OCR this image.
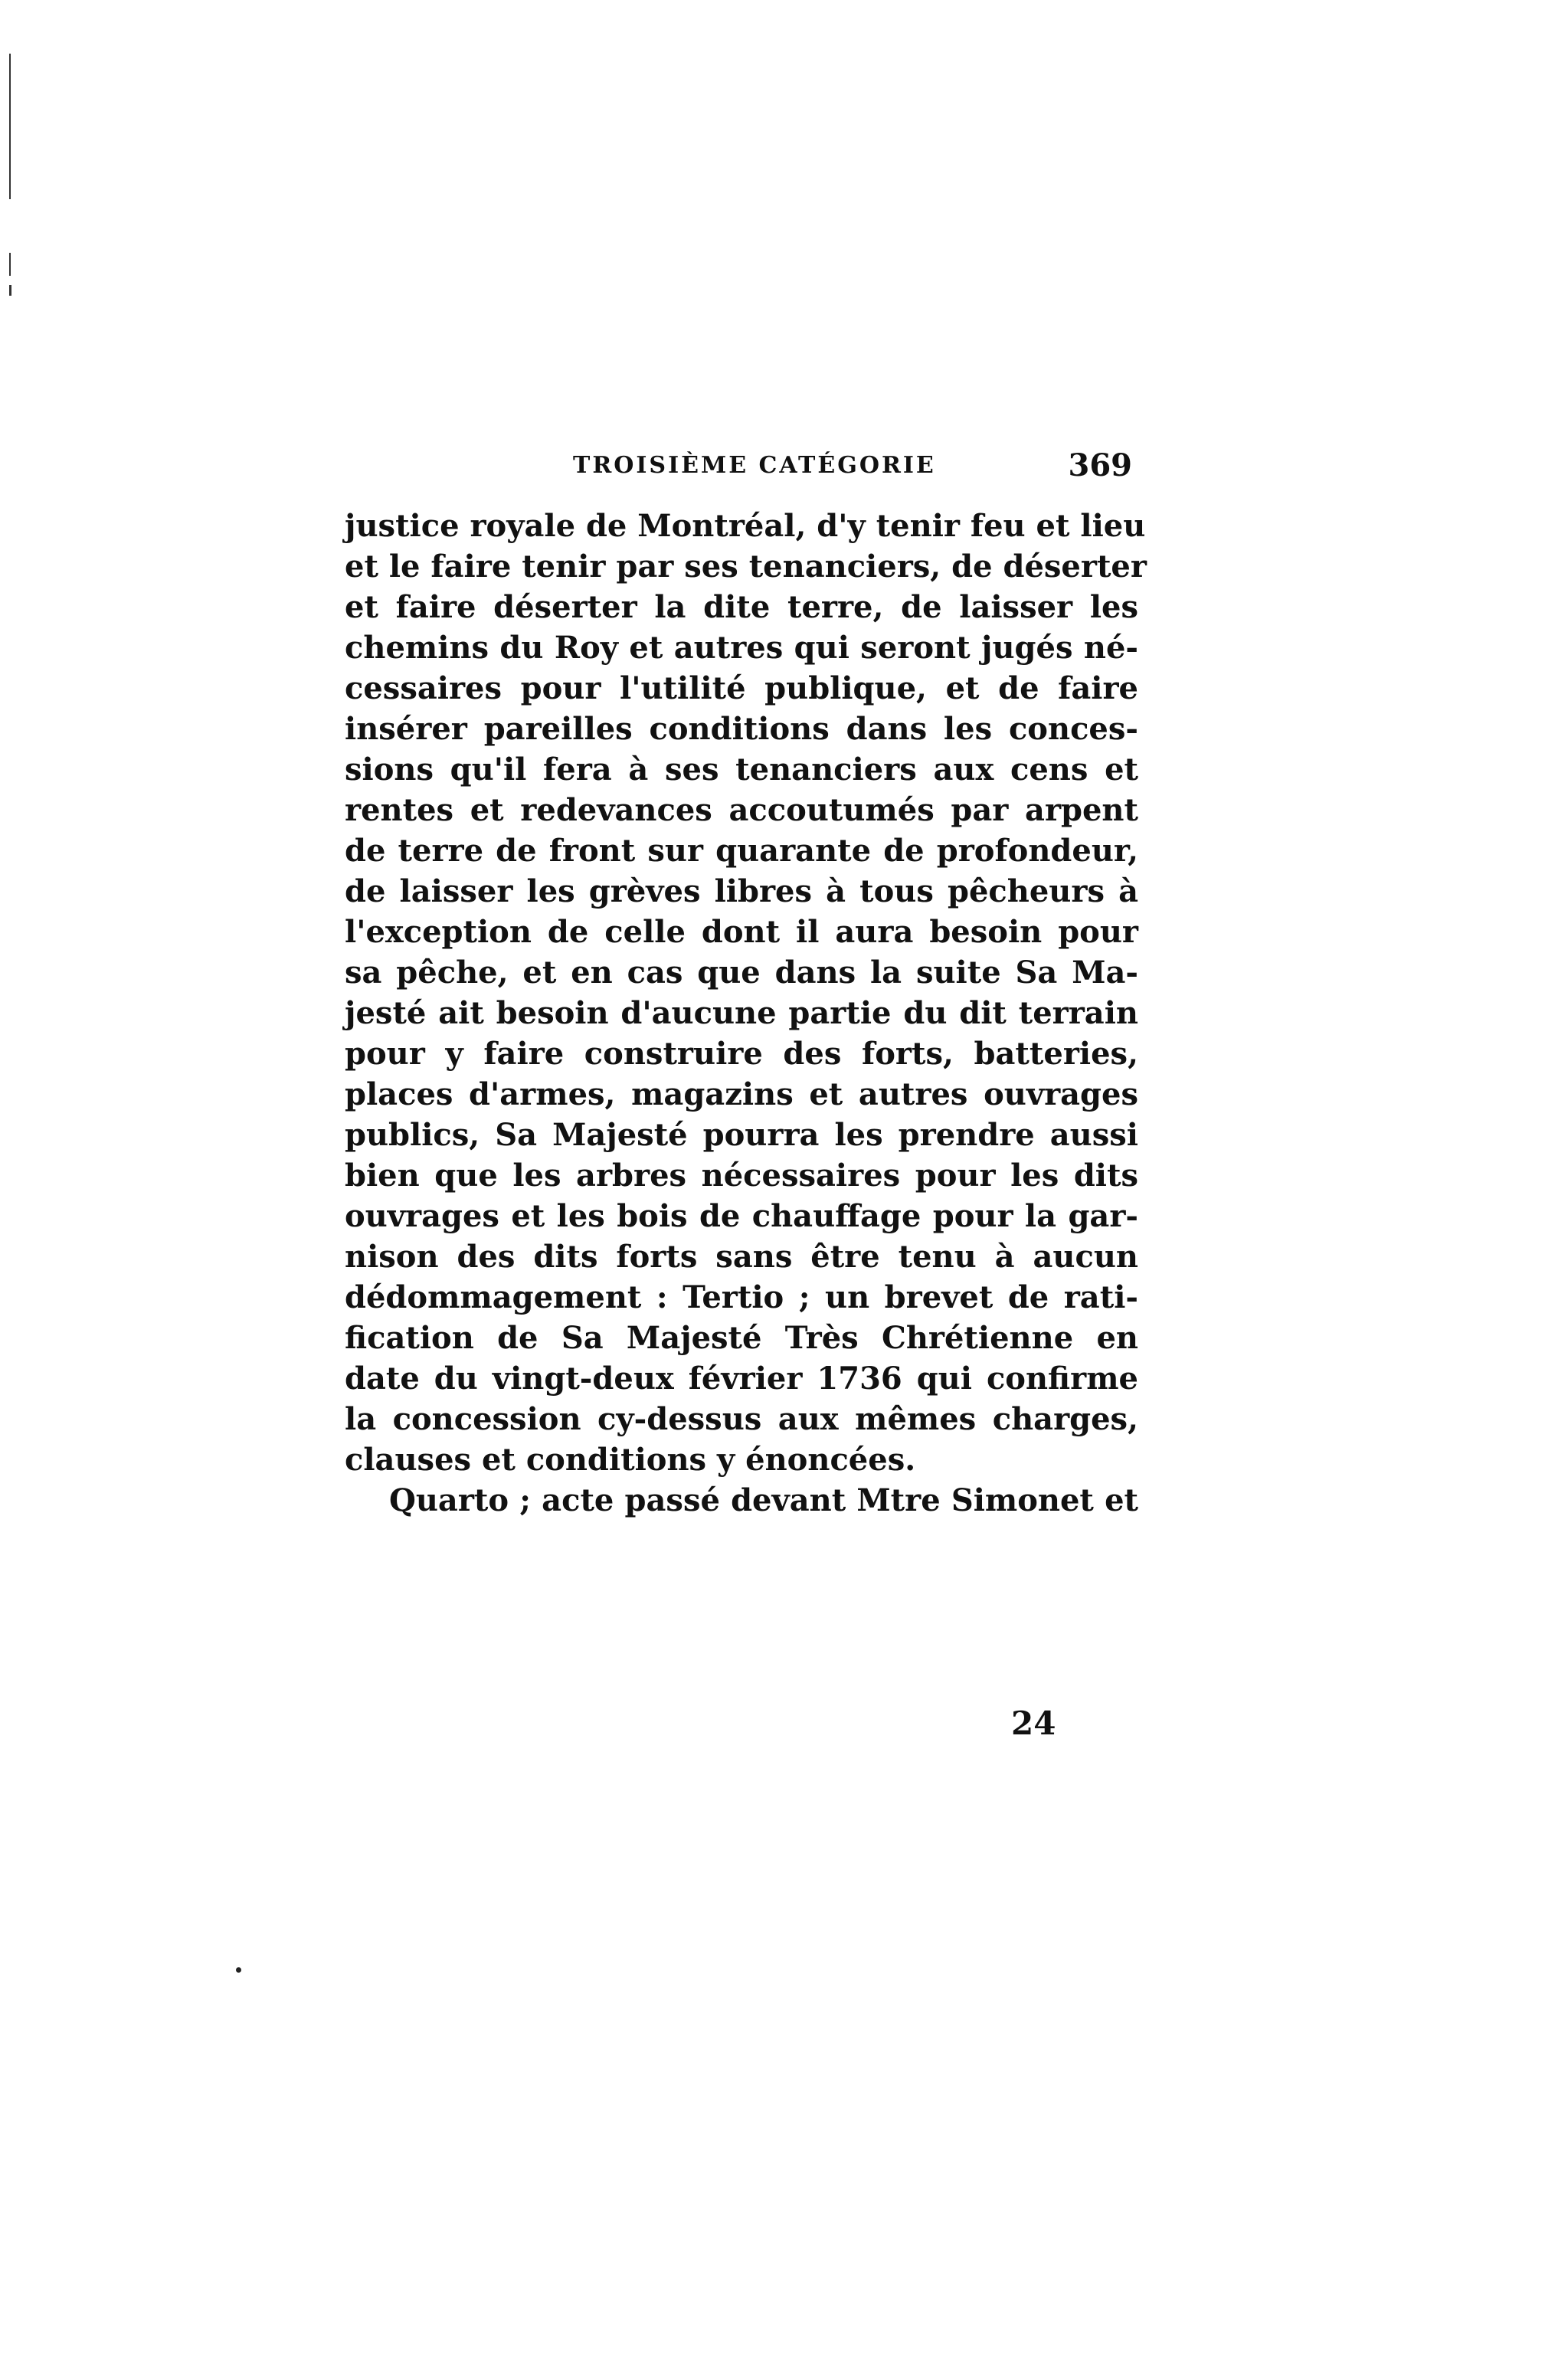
TROISIÈME CATÉGORIE	369
justice royale de Montréal, d'y tenir feu et lieu
et le faire tenir par ses tenanciers, de déserter
et faire déserter la dite terre, de laisser les
chemins du Roy et autres qui seront jugés né-
cessaires pour l'utilité publique, et de faire
insérer pareilles conditions dans les conces-
sions qu'il fera à ses tenanciers aux cens et
rentes et redevances accoutumés par arpent
de terre de front sur quarante de profondeur,
de laisser les grèves libres à tous pêcheurs à
l'exception de celle dont il aura besoin pour
sa pêche, et en cas que dans la suite Sa Ma-
jesté ait besoin d'aucune partie du dit terrain
pour y faire construire des forts, batteries,
places d'armes, magazins et autres ouvrages
publics, Sa Majesté pourra les prendre aussi
bien que les arbres nécessaires pour les dits
ouvrages et les bois de chauffage pour la gar-
nison des dits forts sans être tenu à aucun
dédommagement : Tertio ; un brevet de rati-
fication de Sa Majesté Très Chrétienne en
date du vingt-deux février 1736 qui confirme
la concession cy-dessus aux mêmes charges,
clauses et conditions y énoncées.
Quarto ; acte passé devant Mtre Simonet et
24
